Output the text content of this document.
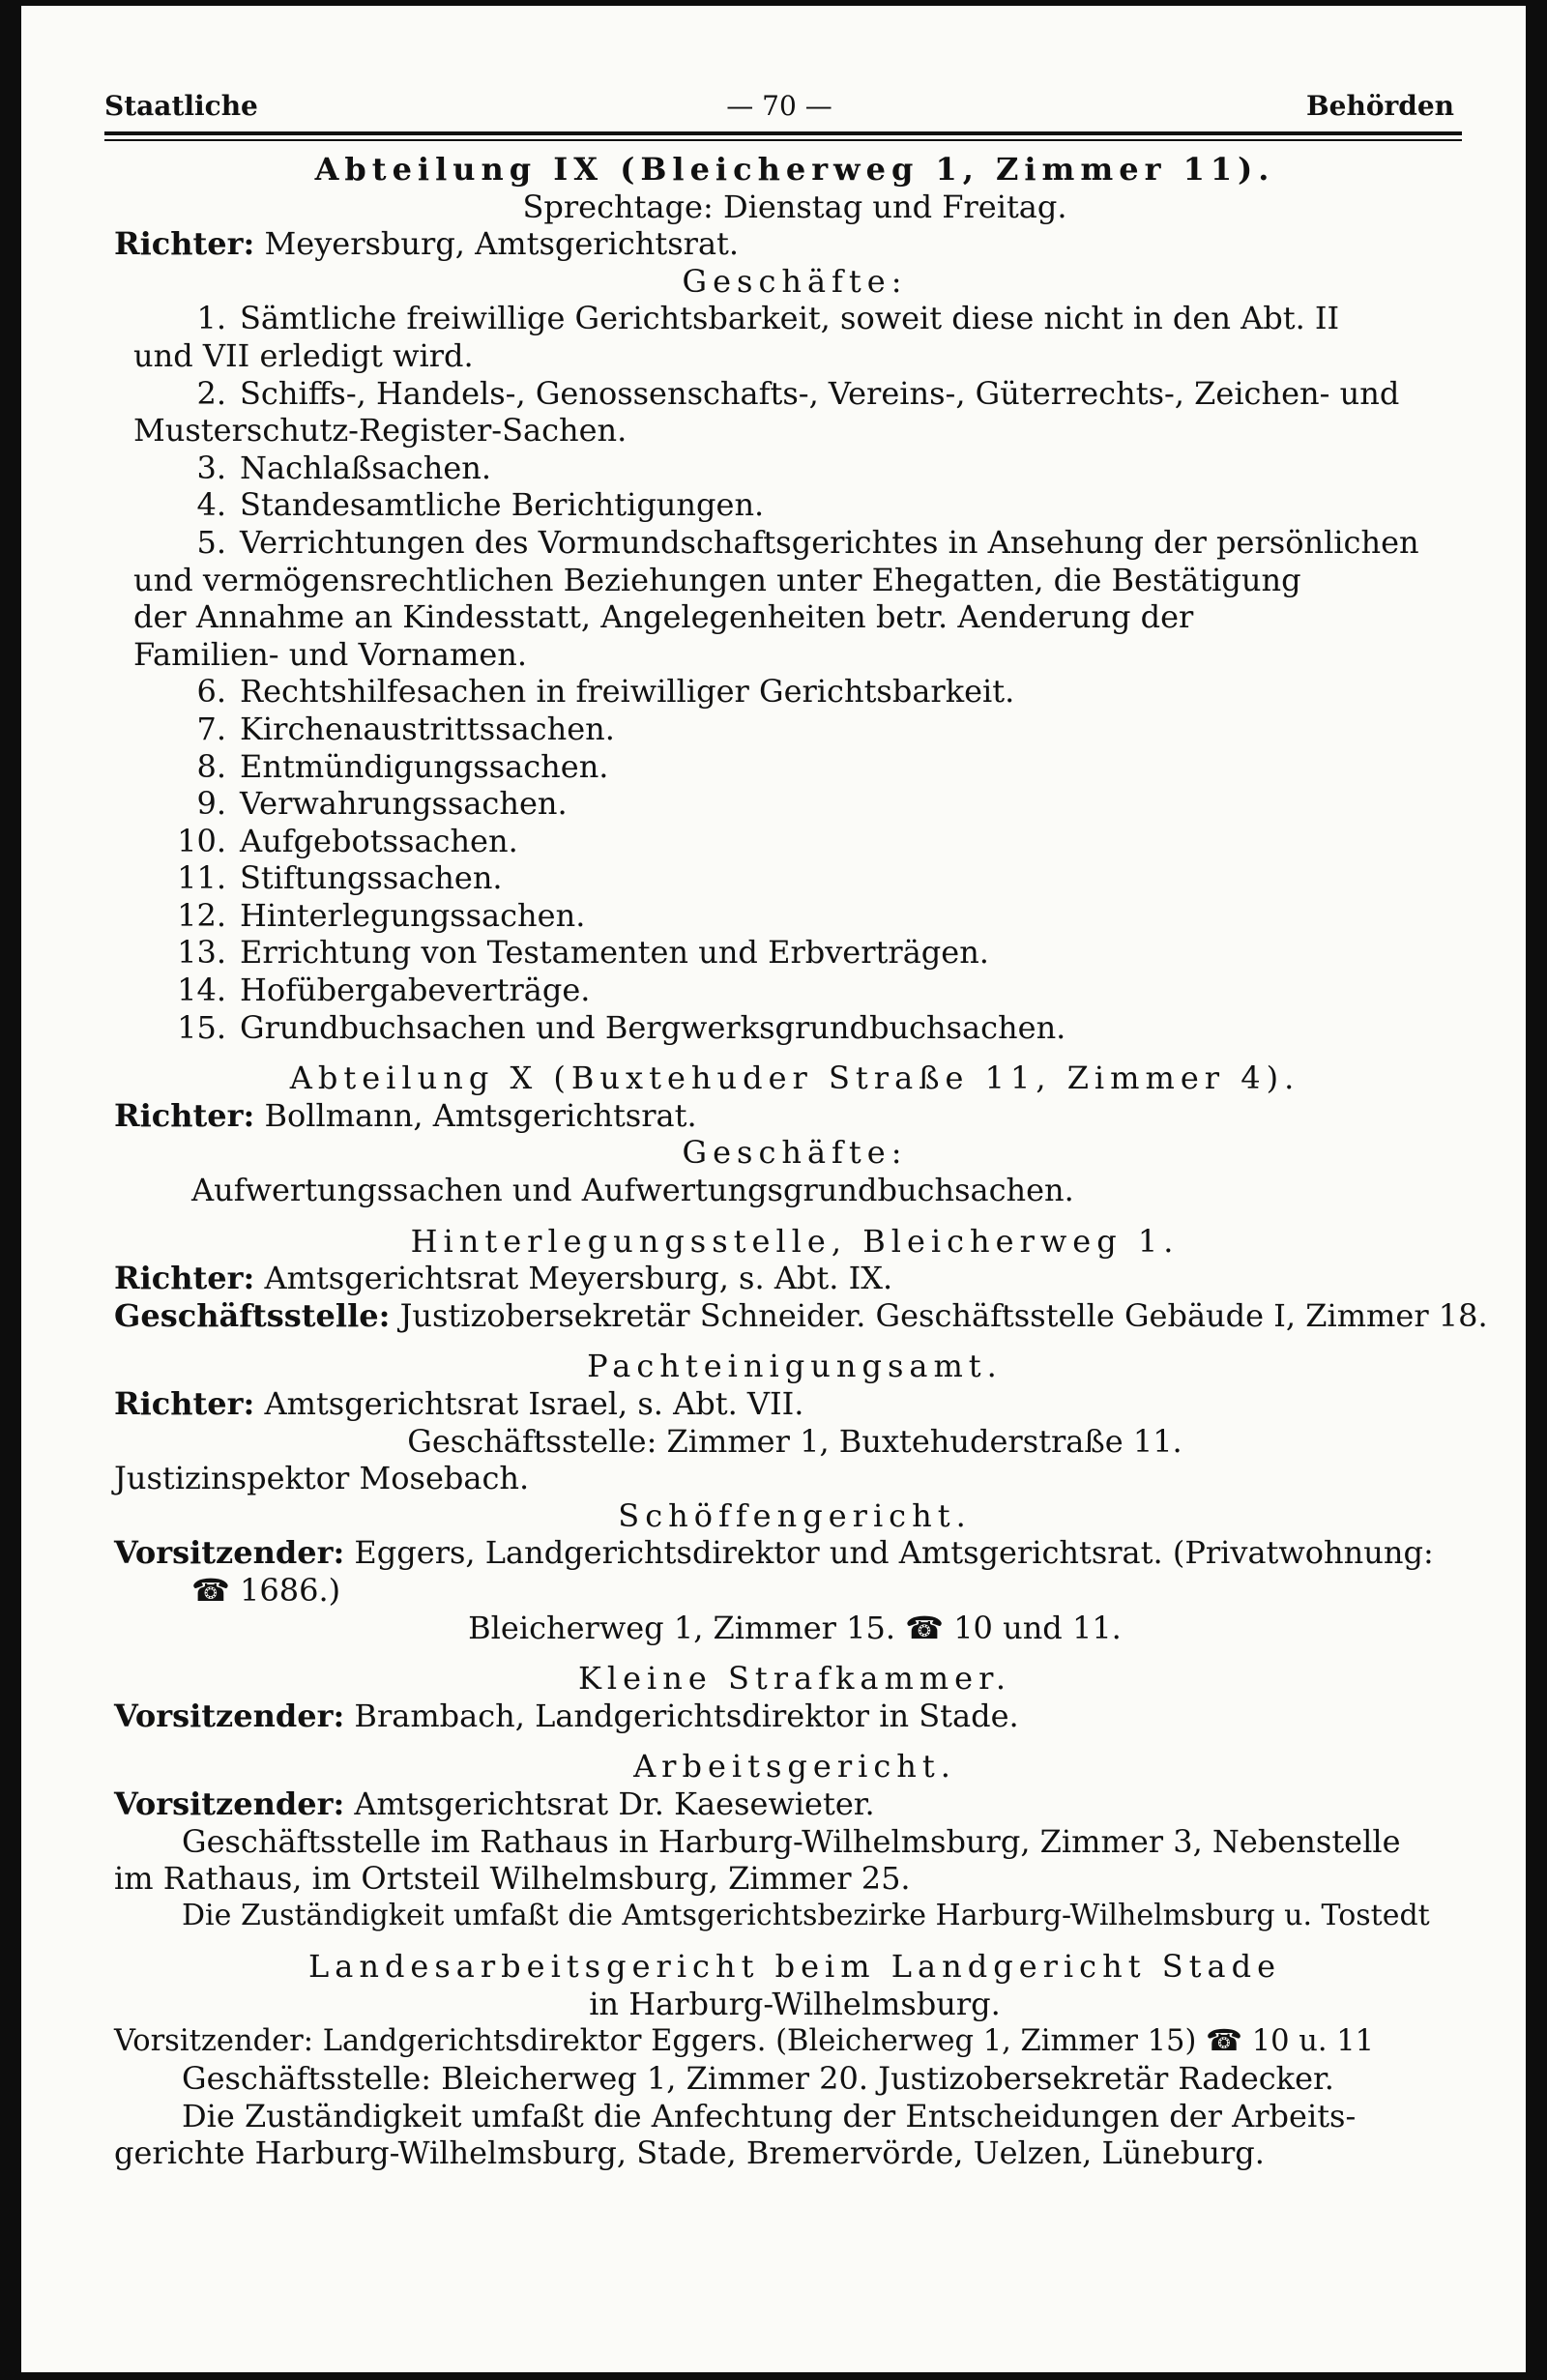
Staatliche	— 70 —	Behörden
Abteilung IX (Bleicherweg 1, Zimmer 11).
Sprechtage: Dienstag und Freitag.
Richter: Meyersburg, Amtsgerichtsrat.
Geschäfte:
1. Sämtliche freiwillige Gerichtsbarkeit, soweit diese nicht in den Abt. II
und VII erledigt wird.
2. Schiffs-, Handels-, Genossenschafts-, Vereins-, Güterrechts-, Zeichen- und
Musterschutz-Register-Sachen.
3. Nachlaßsachen.
4. Standesamtliche Berichtigungen.
5. Verrichtungen des Vormundschaftsgerichtes in Ansehung der persönlichen
und vermögensrechtlichen Beziehungen unter Ehegatten, die Bestätigung
der Annahme an Kindesstatt, Angelegenheiten betr. Aenderung der
Familien- und Vornamen.
6. Rechtshilfesachen in freiwilliger Gerichtsbarkeit.
7. Kirchenaustrittssachen.
8. Entmündigungssachen.
9. Verwahrungssachen.
10. Aufgebotssachen.
11. Stiftungssachen.
12. Hinterlegungssachen.
13. Errichtung von Testamenten und Erbverträgen.
14. Hofübergabeverträge.
15. Grundbuchsachen und Bergwerksgrundbuchsachen.
Abteilung X (Buxtehuder Straße 11, Zimmer 4).
Richter: Bollmann, Amtsgerichtsrat.
Geschäfte:
Aufwertungssachen und Aufwertungsgrundbuchsachen.
Hinterlegungsstelle, Bleicherweg 1.
Richter: Amtsgerichtsrat Meyersburg, s. Abt. IX.
Geschäftsstelle: Justizobersekretär Schneider. Geschäftsstelle Gebäude I, Zimmer 18.
Pachteinigungsamt.
Richter: Amtsgerichtsrat Israel, s. Abt. VII.
Geschäftsstelle: Zimmer 1, Buxtehuderstraße 11.
Justizinspektor Mosebach.
Schöffengericht.
Vorsitzender: Eggers, Landgerichtsdirektor und Amtsgerichtsrat. (Privatwohnung:
☎ 1686.)
Bleicherweg 1, Zimmer 15. ☎ 10 und 11.
Kleine Strafkammer.
Vorsitzender: Brambach, Landgerichtsdirektor in Stade.
Arbeitsgericht.
Vorsitzender: Amtsgerichtsrat Dr. Kaesewieter.
Geschäftsstelle im Rathaus in Harburg-Wilhelmsburg, Zimmer 3, Nebenstelle
im Rathaus, im Ortsteil Wilhelmsburg, Zimmer 25.
Die Zuständigkeit umfaßt die Amtsgerichtsbezirke Harburg-Wilhelmsburg u. Tostedt
Landesarbeitsgericht beim Landgericht Stade
in Harburg-Wilhelmsburg.
Vorsitzender: Landgerichtsdirektor Eggers. (Bleicherweg 1, Zimmer 15) ☎ 10 u. 11
Geschäftsstelle: Bleicherweg 1, Zimmer 20. Justizobersekretär Radecker.
Die Zuständigkeit umfaßt die Anfechtung der Entscheidungen der Arbeits-
gerichte Harburg-Wilhelmsburg, Stade, Bremervörde, Uelzen, Lüneburg.
